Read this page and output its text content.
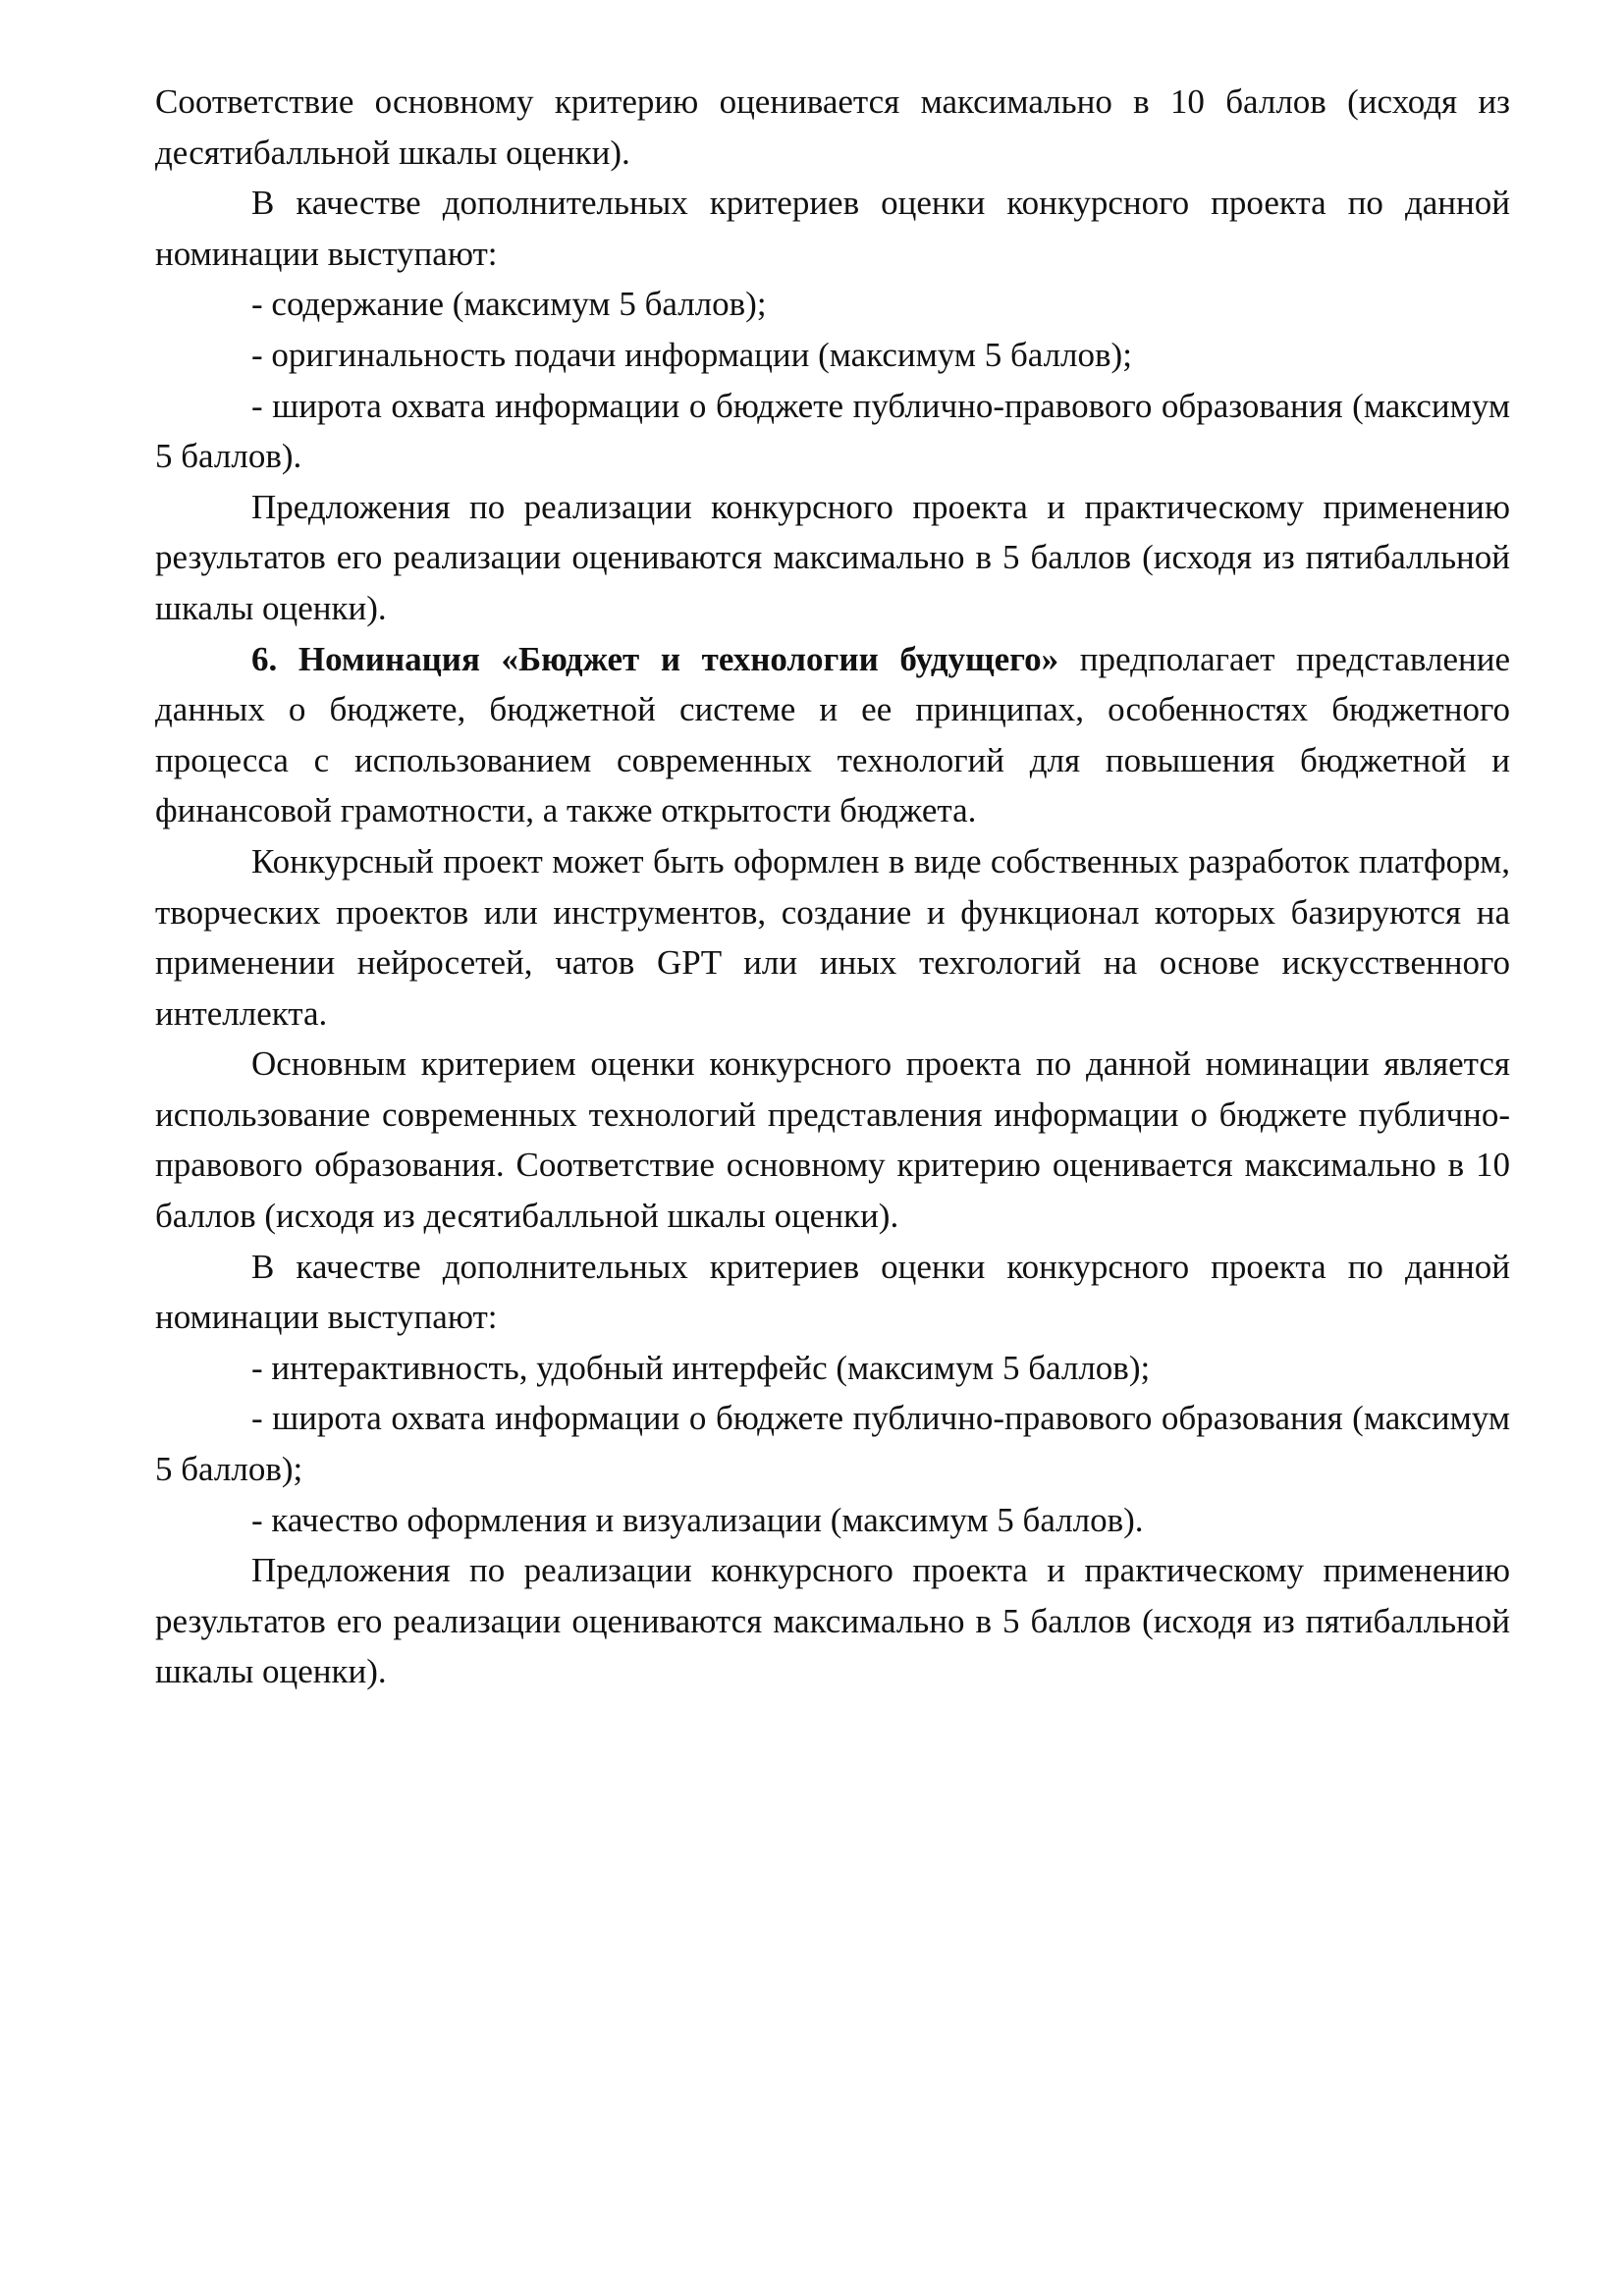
Соответствие основному критерию оценивается максимально в 10 баллов (исходя из десятибалльной шкалы оценки).

В качестве дополнительных критериев оценки конкурсного проекта по данной номинации выступают:

- содержание (максимум 5 баллов);

- оригинальность подачи информации (максимум 5 баллов);

- широта охвата информации о бюджете публично-правового образования (максимум 5 баллов).

Предложения по реализации конкурсного проекта и практическому применению результатов его реализации оцениваются максимально в 5 баллов (исходя из пятибалльной шкалы оценки).

6. Номинация «Бюджет и технологии будущего» предполагает представление данных о бюджете, бюджетной системе и ее принципах, особенностях бюджетного процесса с использованием современных технологий для повышения бюджетной и финансовой грамотности, а также открытости бюджета.

Конкурсный проект может быть оформлен в виде собственных разработок платформ, творческих проектов или инструментов, создание и функционал которых базируются на применении нейросетей, чатов GPT или иных техгологий на основе искусственного интеллекта.

Основным критерием оценки конкурсного проекта по данной номинации является использование современных технологий представления информации о бюджете публично-правового образования. Соответствие основному критерию оценивается максимально в 10 баллов (исходя из десятибалльной шкалы оценки).

В качестве дополнительных критериев оценки конкурсного проекта по данной номинации выступают:

- интерактивность, удобный интерфейс (максимум 5 баллов);

- широта охвата информации о бюджете публично-правового образования (максимум 5 баллов);

- качество оформления и визуализации (максимум 5 баллов).

Предложения по реализации конкурсного проекта и практическому применению результатов его реализации оцениваются максимально в 5 баллов (исходя из пятибалльной шкалы оценки).
